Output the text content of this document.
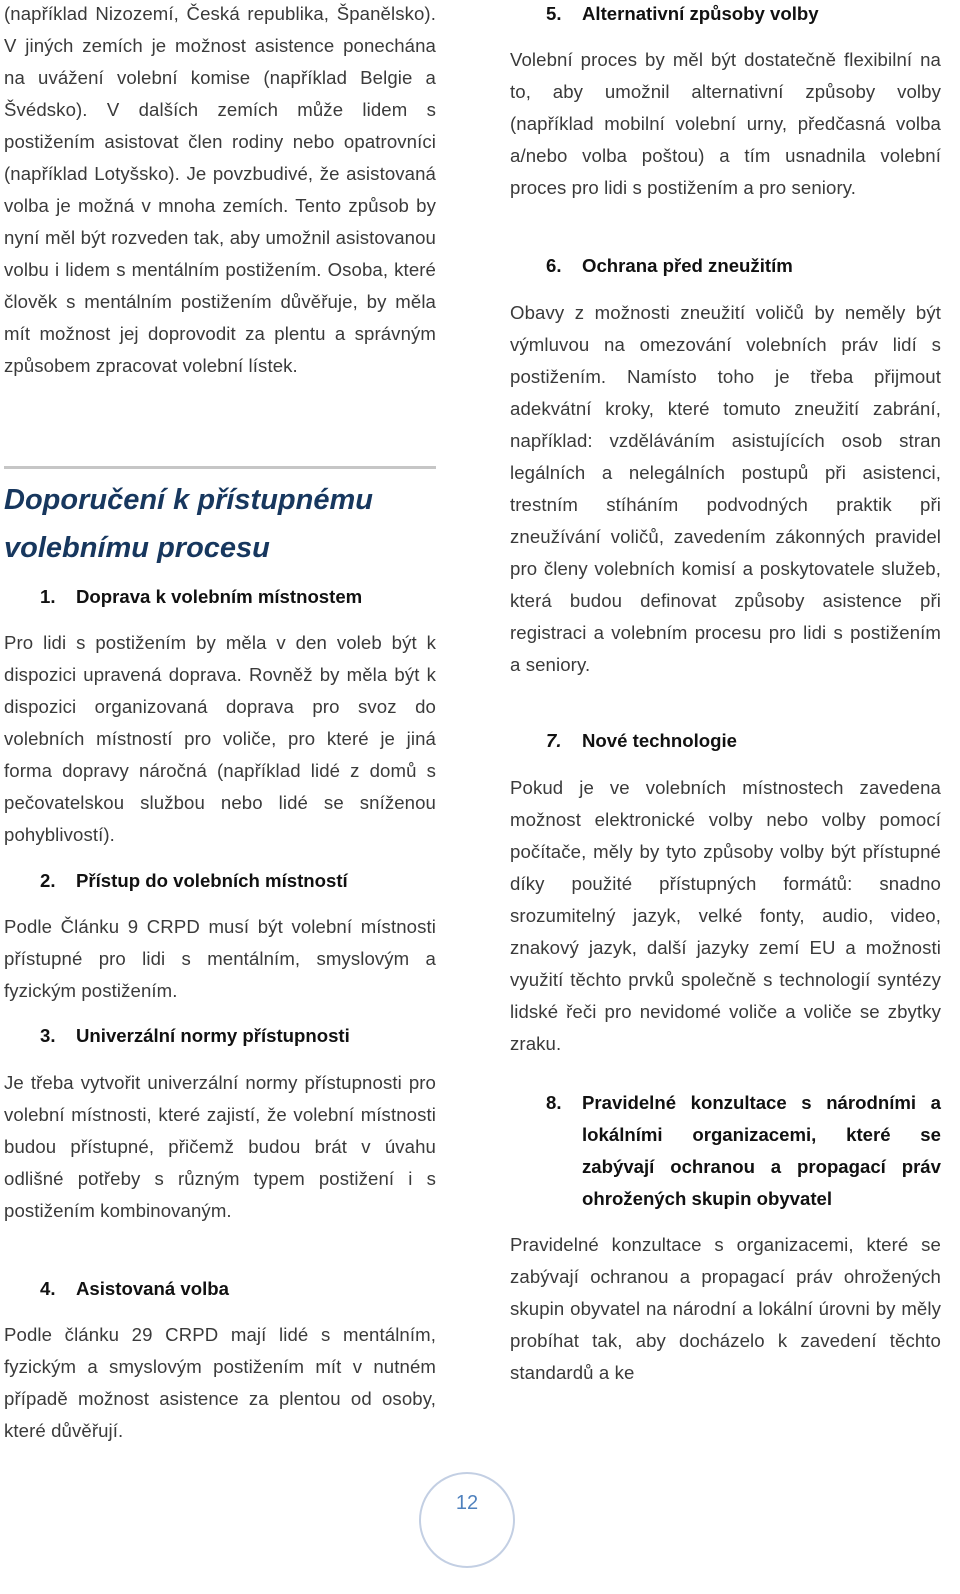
(například Nizozemí, Česká republika, Španělsko). V jiných zemích je možnost asistence ponechána na uvážení volební komise (například Belgie a Švédsko). V dalších zemích může lidem s postižením asistovat člen rodiny nebo opatrovníci (například Lotyšsko). Je povzbudivé, že asistovaná volba je možná v mnoha zemích. Tento způsob by nyní měl být rozveden tak, aby umožnil asistovanou volbu i lidem s mentálním postižením. Osoba, které člověk s mentálním postižením důvěřuje, by měla mít možnost jej doprovodit za plentu a správným způsobem zpracovat volební lístek.

Doporučení k přístupnému volebnímu procesu
1.	Doprava k volebním místnostem

Pro lidi s postižením by měla v den voleb být k dispozici upravená doprava. Rovněž by měla být k dispozici organizovaná doprava pro svoz do volebních místností pro voliče, pro které je jiná forma dopravy náročná (například lidé z domů s pečovatelskou službou nebo lidé se sníženou pohyblivostí).

2.	Přístup do volebních místností

Podle Článku 9 CRPD musí být volební místnosti přístupné pro lidi s mentálním, smyslovým a fyzickým postižením.

3.	Univerzální normy přístupnosti

Je třeba vytvořit univerzální normy přístupnosti pro volební místnosti, které zajistí, že volební místnosti budou přístupné, přičemž budou brát v úvahu odlišné potřeby s různým typem postižení i s postižením kombinovaným.

4.	Asistovaná volba

Podle článku 29 CRPD mají lidé s mentálním, fyzickým a smyslovým postižením mít v nutném případě možnost asistence za plentou od osoby, které důvěřují.

5.	Alternativní způsoby volby

Volební proces by měl být dostatečně flexibilní na to, aby umožnil alternativní způsoby volby (například mobilní volební urny, předčasná volba a/nebo volba poštou) a tím usnadnila volební proces pro lidi s postižením a pro seniory.

6.	Ochrana před zneužitím

Obavy z možnosti zneužití voličů by neměly být výmluvou na omezování volebních práv lidí s postižením. Namísto toho je třeba přijmout adekvátní kroky, které tomuto zneužití zabrání, například: vzděláváním asistujících osob stran legálních a nelegálních postupů při asistenci, trestním stíháním podvodných praktik při zneužívání voličů, zavedením zákonných pravidel pro členy volebních komisí a poskytovatele služeb, která budou definovat způsoby asistence při registraci a volebním procesu pro lidi s postižením a seniory.

7.	Nové technologie

Pokud je ve volebních místnostech zavedena možnost elektronické volby nebo volby pomocí počítače, měly by tyto způsoby volby být přístupné díky použité přístupných formátů: snadno srozumitelný jazyk, velké fonty, audio, video, znakový jazyk, další jazyky zemí EU a možnosti využití těchto prvků společně s technologií syntézy lidské řeči pro nevidomé voliče a voliče se zbytky zraku.

8.	Pravidelné konzultace s národními a lokálními organizacemi, které se zabývají ochranou a propagací práv ohrožených skupin obyvatel

Pravidelné konzultace s organizacemi, které se zabývají ochranou a propagací práv ohrožených skupin obyvatel na národní a lokální úrovni by měly probíhat tak, aby docházelo k zavedení těchto standardů a ke

12
